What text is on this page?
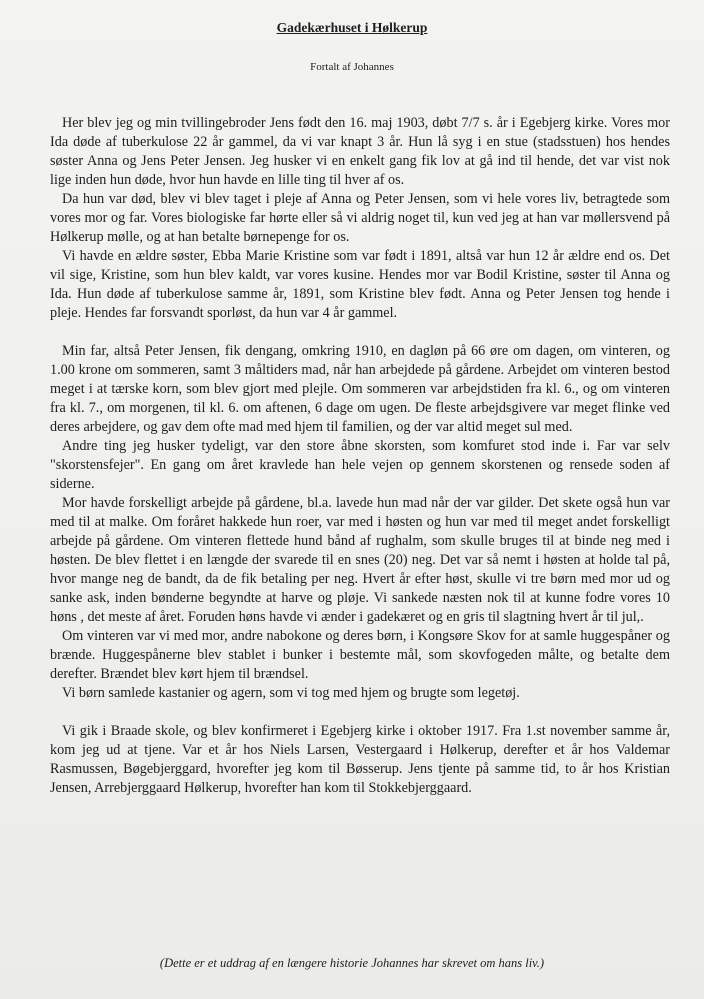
Gadekærhuset i Hølkerup
Fortalt af Johannes

Her blev jeg og min tvillingebroder Jens født den 16. maj 1903, døbt 7/7 s. år i Egebjerg kirke. Vores mor Ida døde af tuberkulose 22 år gammel, da vi var knapt 3 år. Hun lå syg i en stue (stadsstuen) hos hendes søster Anna og Jens Peter Jensen. Jeg husker vi en enkelt gang fik lov at gå ind til hende, det var vist nok lige inden hun døde, hvor hun havde en lille ting til hver af os.

Da hun var død, blev vi blev taget i pleje af Anna og Peter Jensen, som vi hele vores liv, betragtede som vores mor og far. Vores biologiske far hørte eller så vi aldrig noget til, kun ved jeg at han var møllersvend på Hølkerup mølle, og at han betalte børnepenge for os.

Vi havde en ældre søster, Ebba Marie Kristine som var født i 1891, altså var hun 12 år ældre end os. Det vil sige, Kristine, som hun blev kaldt, var vores kusine. Hendes mor var Bodil Kristine, søster til Anna og Ida. Hun døde af tuberkulose samme år, 1891, som Kristine blev født. Anna og Peter Jensen tog hende i pleje. Hendes far forsvandt sporløst, da hun var 4 år gammel.

Min far, altså Peter Jensen, fik dengang, omkring 1910, en dagløn på 66 øre om dagen, om vinteren, og 1.00 krone om sommeren, samt 3 måltiders mad, når han arbejdede på gårdene. Arbejdet om vinteren bestod meget i at tærske korn, som blev gjort med plejle. Om sommeren var arbejdstiden fra kl. 6., og om vinteren fra kl. 7., om morgenen, til kl. 6. om aftenen, 6 dage om ugen. De fleste arbejdsgivere var meget flinke ved deres arbejdere, og gav dem ofte mad med hjem til familien, og der var altid meget sul med.

Andre ting jeg husker tydeligt, var den store åbne skorsten, som komfuret stod inde i. Far var selv "skorstensfejer". En gang om året kravlede han hele vejen op gennem skorstenen og rensede soden af siderne.

Mor havde forskelligt arbejde på gårdene, bl.a. lavede hun mad når der var gilder. Det skete også hun var med til at malke. Om foråret hakkede hun roer, var med i høsten og hun var med til meget andet forskelligt arbejde på gårdene. Om vinteren flettede hund bånd af rughalm, som skulle bruges til at binde neg med i høsten. De blev flettet i en længde der svarede til en snes (20) neg. Det var så nemt i høsten at holde tal på, hvor mange neg de bandt, da de fik betaling per neg. Hvert år efter høst, skulle vi tre børn med mor ud og sanke ask, inden bønderne begyndte at harve og pløje. Vi sankede næsten nok til at kunne fodre vores 10 høns , det meste af året. Foruden høns havde vi ænder i gadekæret og en gris til slagtning hvert år til jul,.

Om vinteren var vi med mor, andre nabokone og deres børn, i Kongsøre Skov for at samle huggespåner og brænde. Huggespånerne blev stablet i bunker i bestemte mål, som skovfogeden målte, og betalte dem derefter. Brændet blev kørt hjem til brændsel.

Vi børn samlede kastanier og agern, som vi tog med hjem og brugte som legetøj.

Vi gik i Braade skole, og blev konfirmeret i Egebjerg kirke i oktober 1917. Fra 1.st november samme år, kom jeg ud at tjene. Var et år hos Niels Larsen, Vestergaard i Hølkerup, derefter et år hos Valdemar Rasmussen, Bøgebjerggard, hvorefter jeg kom til Bøsserup. Jens tjente på samme tid, to år hos Kristian Jensen, Arrebjerggaard Hølkerup, hvorefter han kom til Stokkebjerggaard.

(Dette er et uddrag af en længere historie Johannes har skrevet om hans liv.)
